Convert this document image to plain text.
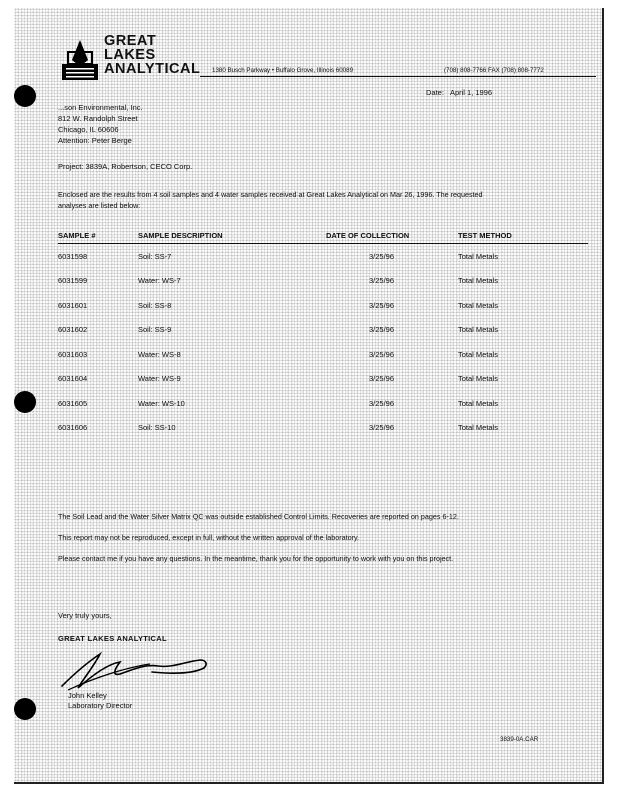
GREAT
LAKES
ANALYTICAL 1380 Busch Parkway • Buffalo Grove, Illinois 60089	(708) 808-7766 FAX (708) 808-7772
Date: April 1, 1996
...son Environmental, Inc.
812 W. Randolph Street
Chicago, IL 60606
Attention: Peter Berge
Project: 3839A, Robertson, CECO Corp.
Enclosed are the results from 4 soil samples and 4 water samples received at Great Lakes Analytical on Mar 26, 1996. The requested analyses are listed below:
SAMPLE #	SAMPLE DESCRIPTION	DATE OF COLLECTION	TEST METHOD
6031598	Soil: SS-7	3/25/96	Total Metals
6031599	Water: WS-7	3/25/96	Total Metals
6031601	Soil: SS-8	3/25/96	Total Metals
6031602	Soil: SS-9	3/25/96	Total Metals
6031603	Water: WS-8	3/25/96	Total Metals
6031604	Water: WS-9	3/25/96	Total Metals
6031605	Water: WS-10	3/25/96	Total Metals
6031606	Soil: SS-10	3/25/96	Total Metals

The Soil Lead and the Water Silver Matrix QC was outside established Control Limits. Recoveries are reported on pages 6-12.

This report may not be reproduced, except in full, without the written approval of the laboratory.

Please contact me if you have any questions. In the meantime, thank you for the opportunity to work with you on this project.

Very truly yours,
GREAT LAKES ANALYTICAL
John Kelley
Laboratory Director
3839-0A.CAR
